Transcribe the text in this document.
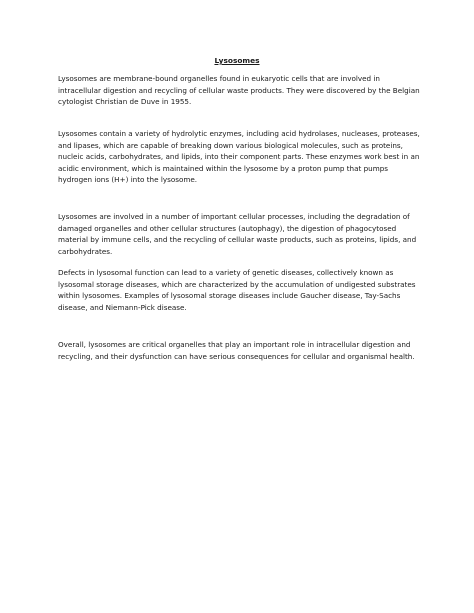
Lysosomes

Lysosomes are membrane-bound organelles found in eukaryotic cells that are involved in intracellular digestion and recycling of cellular waste products. They were discovered by the Belgian cytologist Christian de Duve in 1955.

Lysosomes contain a variety of hydrolytic enzymes, including acid hydrolases, nucleases, proteases, and lipases, which are capable of breaking down various biological molecules, such as proteins, nucleic acids, carbohydrates, and lipids, into their component parts. These enzymes work best in an acidic environment, which is maintained within the lysosome by a proton pump that pumps hydrogen ions (H+) into the lysosome.

Lysosomes are involved in a number of important cellular processes, including the degradation of damaged organelles and other cellular structures (autophagy), the digestion of phagocytosed material by immune cells, and the recycling of cellular waste products, such as proteins, lipids, and carbohydrates.

Defects in lysosomal function can lead to a variety of genetic diseases, collectively known as lysosomal storage diseases, which are characterized by the accumulation of undigested substrates within lysosomes. Examples of lysosomal storage diseases include Gaucher disease, Tay-Sachs disease, and Niemann-Pick disease.

Overall, lysosomes are critical organelles that play an important role in intracellular digestion and recycling, and their dysfunction can have serious consequences for cellular and organismal health.
